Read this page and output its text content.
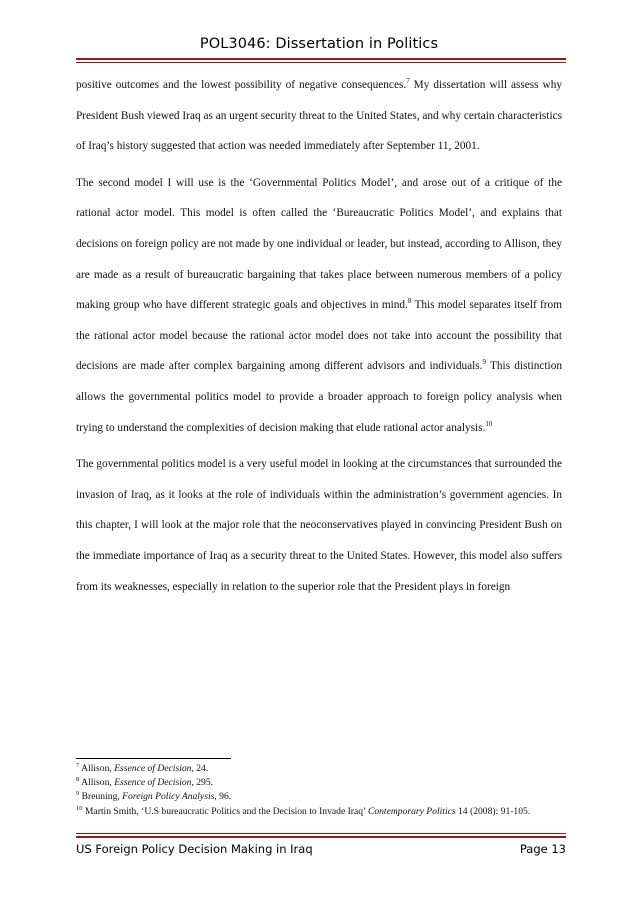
POL3046: Dissertation in Politics

positive outcomes and the lowest possibility of negative consequences.$^7$ My dissertation will assess why President Bush viewed Iraq as an urgent security threat to the United States, and why certain characteristics of Iraq’s history suggested that action was needed immediately after September 11, 2001.

The second model I will use is the ‘Governmental Politics Model’, and arose out of a critique of the rational actor model. This model is often called the ‘Bureaucratic Politics Model’, and explains that decisions on foreign policy are not made by one individual or leader, but instead, according to Allison, they are made as a result of bureaucratic bargaining that takes place between numerous members of a policy making group who have different strategic goals and objectives in mind.$^8$ This model separates itself from the rational actor model because the rational actor model does not take into account the possibility that decisions are made after complex bargaining among different advisors and individuals.$^9$ This distinction allows the governmental politics model to provide a broader approach to foreign policy analysis when trying to understand the complexities of decision making that elude rational actor analysis.$^{10}$

The governmental politics model is a very useful model in looking at the circumstances that surrounded the invasion of Iraq, as it looks at the role of individuals within the administration’s government agencies. In this chapter, I will look at the major role that the neoconservatives played in convincing President Bush on the immediate importance of Iraq as a security threat to the United States. However, this model also suffers from its weaknesses, especially in relation to the superior role that the President plays in foreign

$^7$ Allison, Essence of Decision, 24.

$^8$ Allison, Essence of Decision, 295.

$^9$ Breuning, Foreign Policy Analysis, 96.

$^{10}$ Martin Smith, ‘U.S bureaucratic Politics and the Decision to Invade Iraq’ Contemporary Politics 14 (2008): 91-105.

US Foreign Policy Decision Making in Iraq	Page 13
